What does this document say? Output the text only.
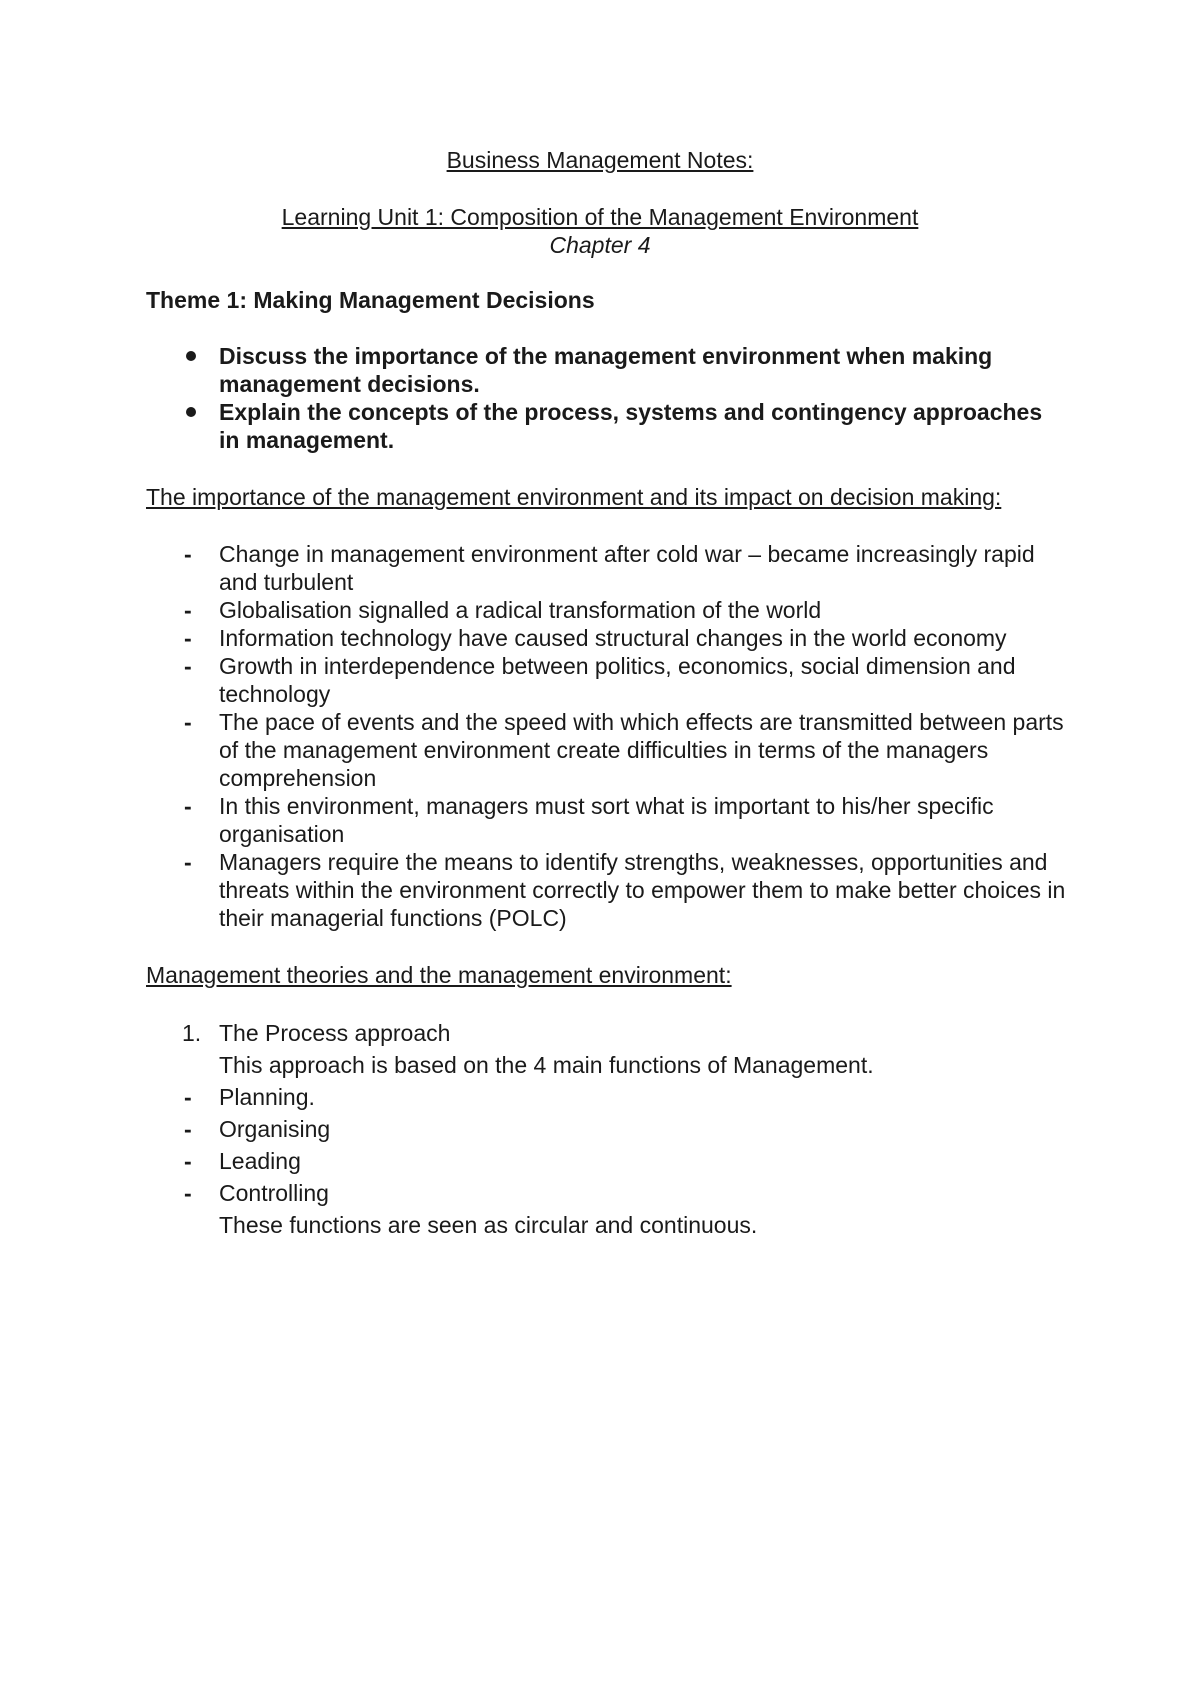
Business Management Notes:
Learning Unit 1: Composition of the Management Environment
Chapter 4
Theme 1: Making Management Decisions
Discuss the importance of the management environment when making management decisions.
Explain the concepts of the process, systems and contingency approaches in management.
The importance of the management environment and its impact on decision making:
- Change in management environment after cold war – became increasingly rapid and turbulent
- Globalisation signalled a radical transformation of the world
- Information technology have caused structural changes in the world economy
- Growth in interdependence between politics, economics, social dimension and technology
- The pace of events and the speed with which effects are transmitted between parts of the management environment create difficulties in terms of the managers comprehension
- In this environment, managers must sort what is important to his/her specific organisation
- Managers require the means to identify strengths, weaknesses, opportunities and threats within the environment correctly to empower them to make better choices in their managerial functions (POLC)
Management theories and the management environment:
1. The Process approach
This approach is based on the 4 main functions of Management.
- Planning.
- Organising
- Leading
- Controlling
These functions are seen as circular and continuous.
